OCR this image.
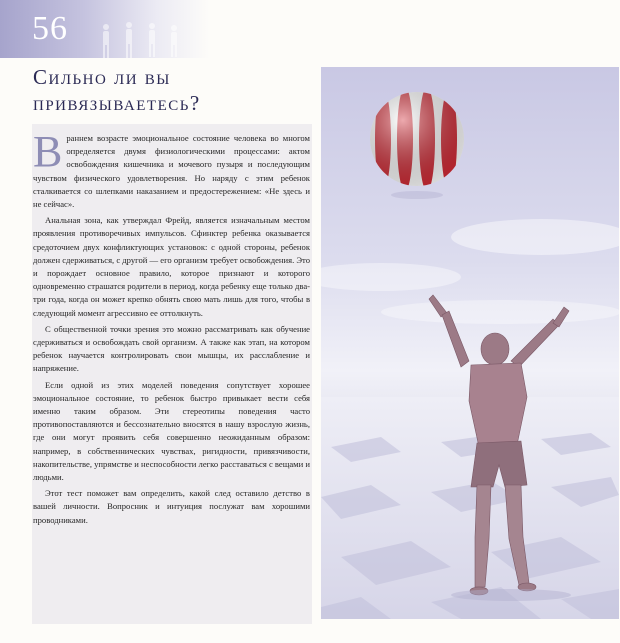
56
Сильно ли вы
привязываетесь?

Враннем возрасте эмоциональное состояние человека во многом определяется двумя физиологическими процессами: актом освобождения кишечника и мочевого пузыря и последующим чувством физического удовлетворения. Но наряду с этим ребенок сталкивается со шлепками наказанием и предостережением: «Не здесь и не сейчас».

Анальная зона, как утверждал Фрейд, является изначальным местом проявления противоречивых импульсов. Сфинктер ребенка оказывается средоточием двух конфликтующих установок: с одной стороны, ребенок должен сдерживаться, с другой — его организм требует освобождения. Это и порождает основное правило, которое признают и которого одновременно страшатся родители в период, когда ребенку еще только два-три года, когда он может крепко обнять свою мать лишь для того, чтобы в следующий момент агрессивно ее оттолкнуть.

С общественной точки зрения это можно рассматривать как обучение сдерживаться и освобождать свой организм. А также как этап, на котором ребенок научается контролировать свои мышцы, их расслабление и напряжение.

Если одной из этих моделей поведения сопутствует хорошее эмоциональное состояние, то ребенок быстро привыкает вести себя именно таким образом. Эти стереотипы поведения часто противопоставляются и бессознательно вносятся в нашу взрослую жизнь, где они могут проявить себя совершенно неожиданным образом: например, в собственнических чувствах, ригидности, привязчивости, накопительстве, упрямстве и неспособности легко расставаться с вещами и людьми.

Этот тест поможет вам определить, какой след оставило детство в вашей личности. Вопросник и интуиция послужат вам хорошими проводниками.
